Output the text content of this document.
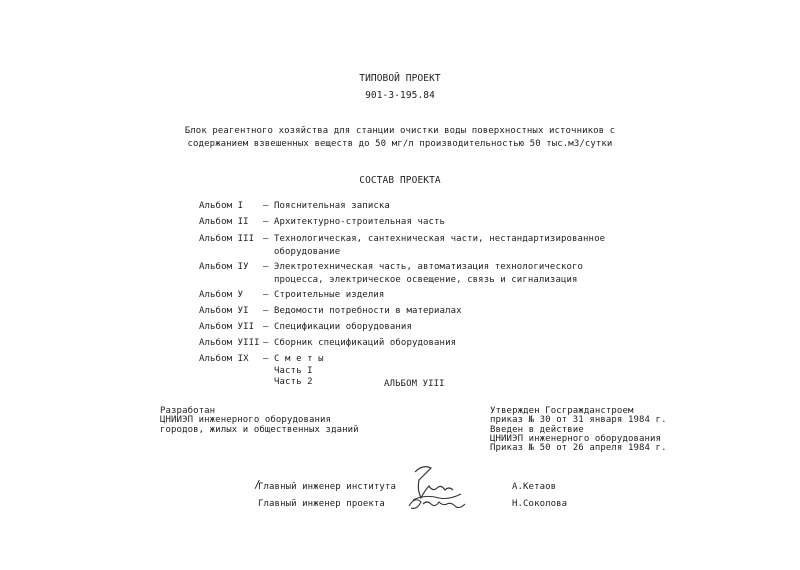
ТИПОВОЙ ПРОЕКТ
901-3-195.84
Блок реагентного хозяйства для станции очистки воды поверхностных источников с
содержанием взвешенных веществ до 50 мг/л производительностью 50 тыс.м3/сутки
СОСТАВ ПРОЕКТА
Альбом I – Пояснительная записка
Альбом II – Архитектурно-строительная часть
Альбом III – Технологическая, сантехническая части, нестандартизированное
оборудование
Альбом IУ – Электротехническая часть, автоматизация технологического
процесса, электрическое освещение, связь и сигнализация
Альбом У – Строительные изделия
Альбом УI – Ведомости потребности в материалах
Альбом УII – Спецификации оборудования
Альбом УIII – Сборник спецификаций оборудования
Альбом IX – С м е т ы
Часть I
Часть 2	АЛЬБОМ УIII
Разработан
ЦНИИЭП инженерного оборудования
городов, жилых и общественных зданий
Утвержден Госгражданстроем
приказ № 30 от 31 января 1984 г.
Введен в действие
ЦНИИЭП инженерного оборудования
Приказ № 50 от 26 апреля 1984 г.
/
Главный инженер института	А.Кетаов
Главный инженер проекта	Н.Соколова
